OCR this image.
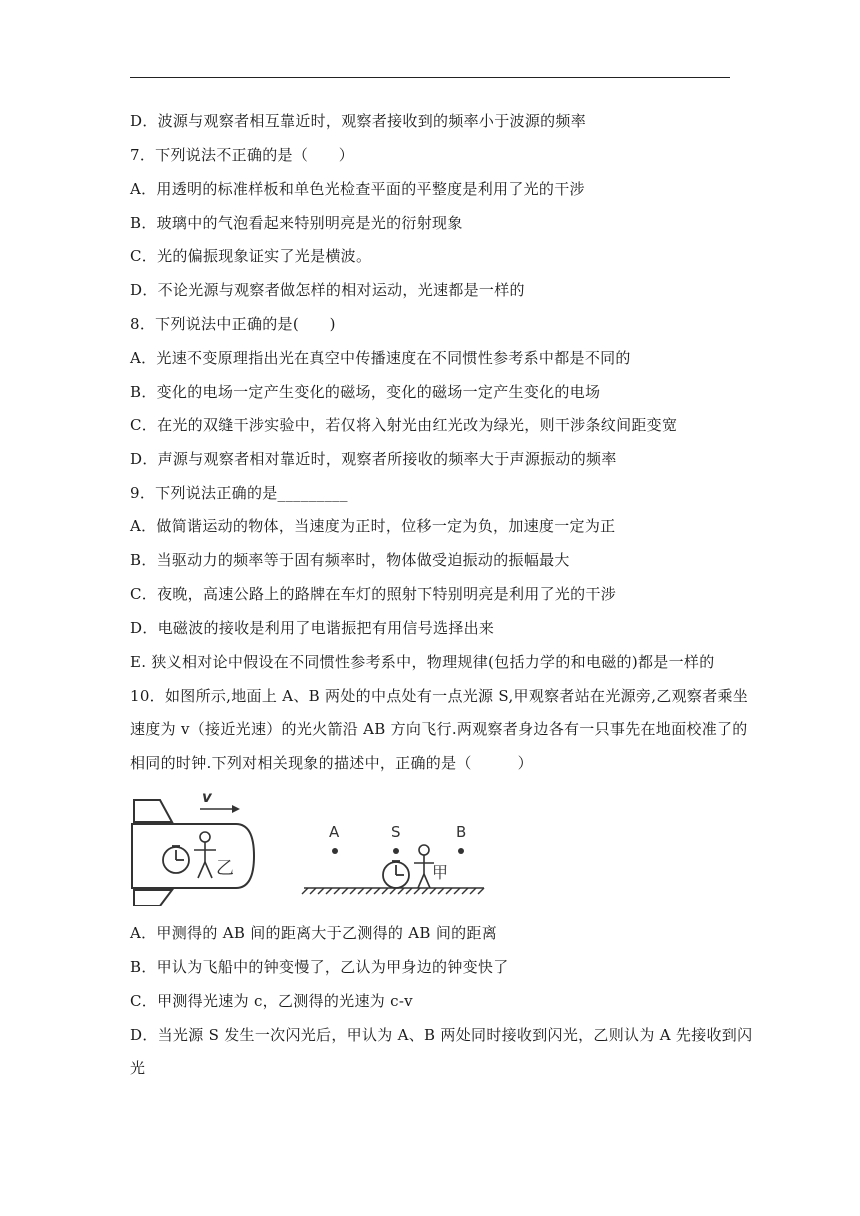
D．波源与观察者相互靠近时，观察者接收到的频率小于波源的频率
7．下列说法不正确的是（　　）
A．用透明的标准样板和单色光检查平面的平整度是利用了光的干涉
B．玻璃中的气泡看起来特别明亮是光的衍射现象
C．光的偏振现象证实了光是横波。
D．不论光源与观察者做怎样的相对运动，光速都是一样的
8．下列说法中正确的是(　　)
A．光速不变原理指出光在真空中传播速度在不同惯性参考系中都是不同的
B．变化的电场一定产生变化的磁场，变化的磁场一定产生变化的电场
C．在光的双缝干涉实验中，若仅将入射光由红光改为绿光，则干涉条纹间距变宽
D．声源与观察者相对靠近时，观察者所接收的频率大于声源振动的频率
9．下列说法正确的是_________
A．做简谐运动的物体，当速度为正时，位移一定为负，加速度一定为正
B．当驱动力的频率等于固有频率时，物体做受迫振动的振幅最大
C．夜晚，高速公路上的路牌在车灯的照射下特别明亮是利用了光的干涉
D．电磁波的接收是利用了电谐振把有用信号选择出来
E. 狭义相对论中假设在不同惯性参考系中，物理规律(包括力学的和电磁的)都是一样的
10．如图所示,地面上 A、B 两处的中点处有一点光源 S,甲观察者站在光源旁,乙观察者乘坐
速度为 v（接近光速）的光火箭沿 AB 方向飞行.两观察者身边各有一只事先在地面校准了的
相同的时钟.下列对相关现象的描述中，正确的是（　　　）
v
乙
A	S	B
甲
A．甲测得的 AB 间的距离大于乙测得的 AB 间的距离
B．甲认为飞船中的钟变慢了，乙认为甲身边的钟变快了
C．甲测得光速为 c，乙测得的光速为 c-v
D．当光源 S 发生一次闪光后，甲认为 A、B 两处同时接收到闪光，乙则认为 A 先接收到闪
光
